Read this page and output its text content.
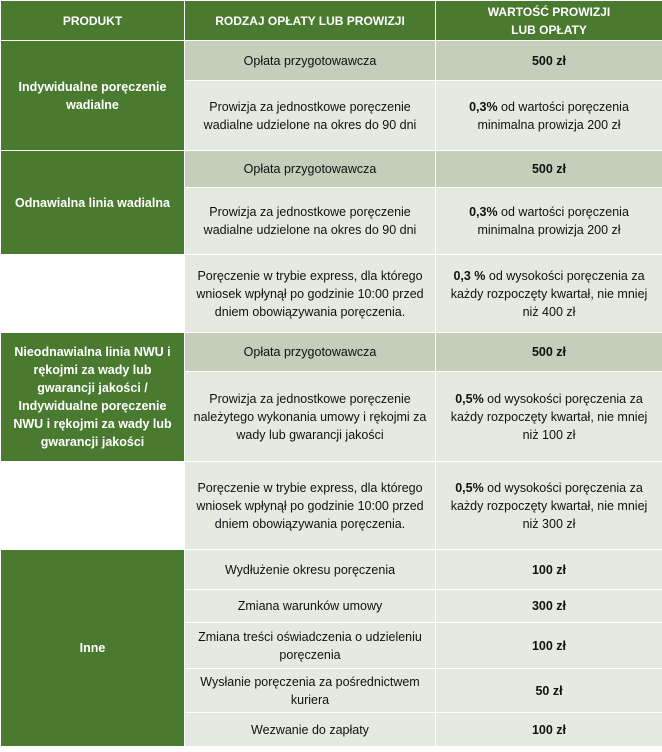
PRODUKT	RODZAJ OPŁATY LUB PROWIZJI	WARTOŚĆ PROWIZJI
LUB OPŁATY
Indywidualne poręczenie wadialne	Opłata przygotowawcza	500 zł
	Prowizja za jednostkowe poręczenie wadialne udzielone na okres do 90 dni	0,3% od wartości poręczenia minimalna prowizja 200 zł
Odnawialna linia wadialna	Opłata przygotowawcza	500 zł
	Prowizja za jednostkowe poręczenie wadialne udzielone na okres do 90 dni	0,3% od wartości poręczenia minimalna prowizja 200 zł
	Poręczenie w trybie express, dla którego wniosek wpłynął po godzinie 10:00 przed dniem obowiązywania poręczenia.	0,3 % od wysokości poręczenia za każdy rozpoczęty kwartał, nie mniej niż 400 zł
Nieodnawialna linia NWU i rękojmi za wady lub gwarancji jakości / Indywidualne poręczenie NWU i rękojmi za wady lub gwarancji jakości	Opłata przygotowawcza	500 zł
	Prowizja za jednostkowe poręczenie należytego wykonania umowy i rękojmi za wady lub gwarancji jakości	0,5% od wysokości poręczenia za każdy rozpoczęty kwartał, nie mniej niż 100 zł
	Poręczenie w trybie express, dla którego wniosek wpłynął po godzinie 10:00 przed dniem obowiązywania poręczenia.	0,5% od wysokości poręczenia za każdy rozpoczęty kwartał, nie mniej niż 300 zł
Inne	Wydłużenie okresu poręczenia	100 zł
	Zmiana warunków umowy	300 zł
	Zmiana treści oświadczenia o udzieleniu poręczenia	100 zł
	Wysłanie poręczenia za pośrednictwem kuriera	50 zł
	Wezwanie do zapłaty	100 zł
